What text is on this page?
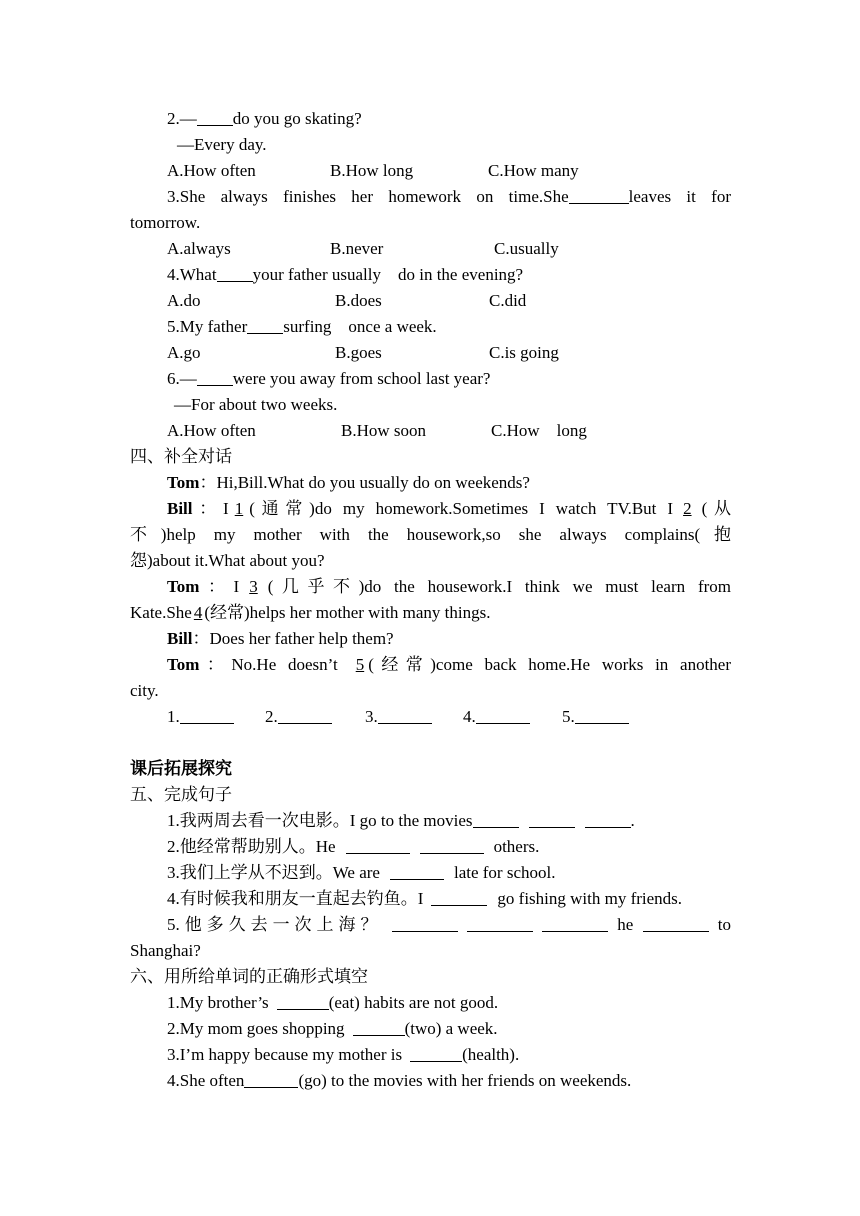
2.— do you go skating?
—Every day.
A.How often	B.How long	C.How many
3.She always finishes her homework on time.She	leaves it for
tomorrow.
A.always	B.never	C.usually
4.What your father usually    do in the evening?
A.do	B.does	C.did
5.My father surfing    once a week.
A.go	B.goes	C.is going
6.— were you away from school last year?
—For about two weeks.
A.How often	B.How soon	C.How    long
四、补全对话
Tom：Hi,Bill.What do you usually do on weekends?
Bill：I 1 (通常)do my homework.Sometimes I watch TV.But I 2 (从
不)help my mother with the housework,so she always complains(抱
怨)about it.What about you?
Tom：I 3 (几乎不)do the housework.I think we must learn from
Kate.She 4 (经常)helps her mother with many things.
Bill：Does her father help them?
Tom：No.He doesn’t 5 (经常)come back home.He works in another
city.
1.	2.	3.	4.	5.
课后拓展探究
五、完成句子
1.我两周去看一次电影。I go to the movies	.
2.他经常帮助别人。He	others.
3.我们上学从不迟到。We are	late for school.
4.有时候我和朋友一直起去钓鱼。I	go fishing with my friends.
5.他多久去一次上海？	he	to
Shanghai?
六、用所给单词的正确形式填空
1.My brother’s	(eat) habits are not good.
2.My mom goes shopping	(two) a week.
3.I’m happy because my mother is	(health).
4.She often	(go) to the movies with her friends on weekends.
